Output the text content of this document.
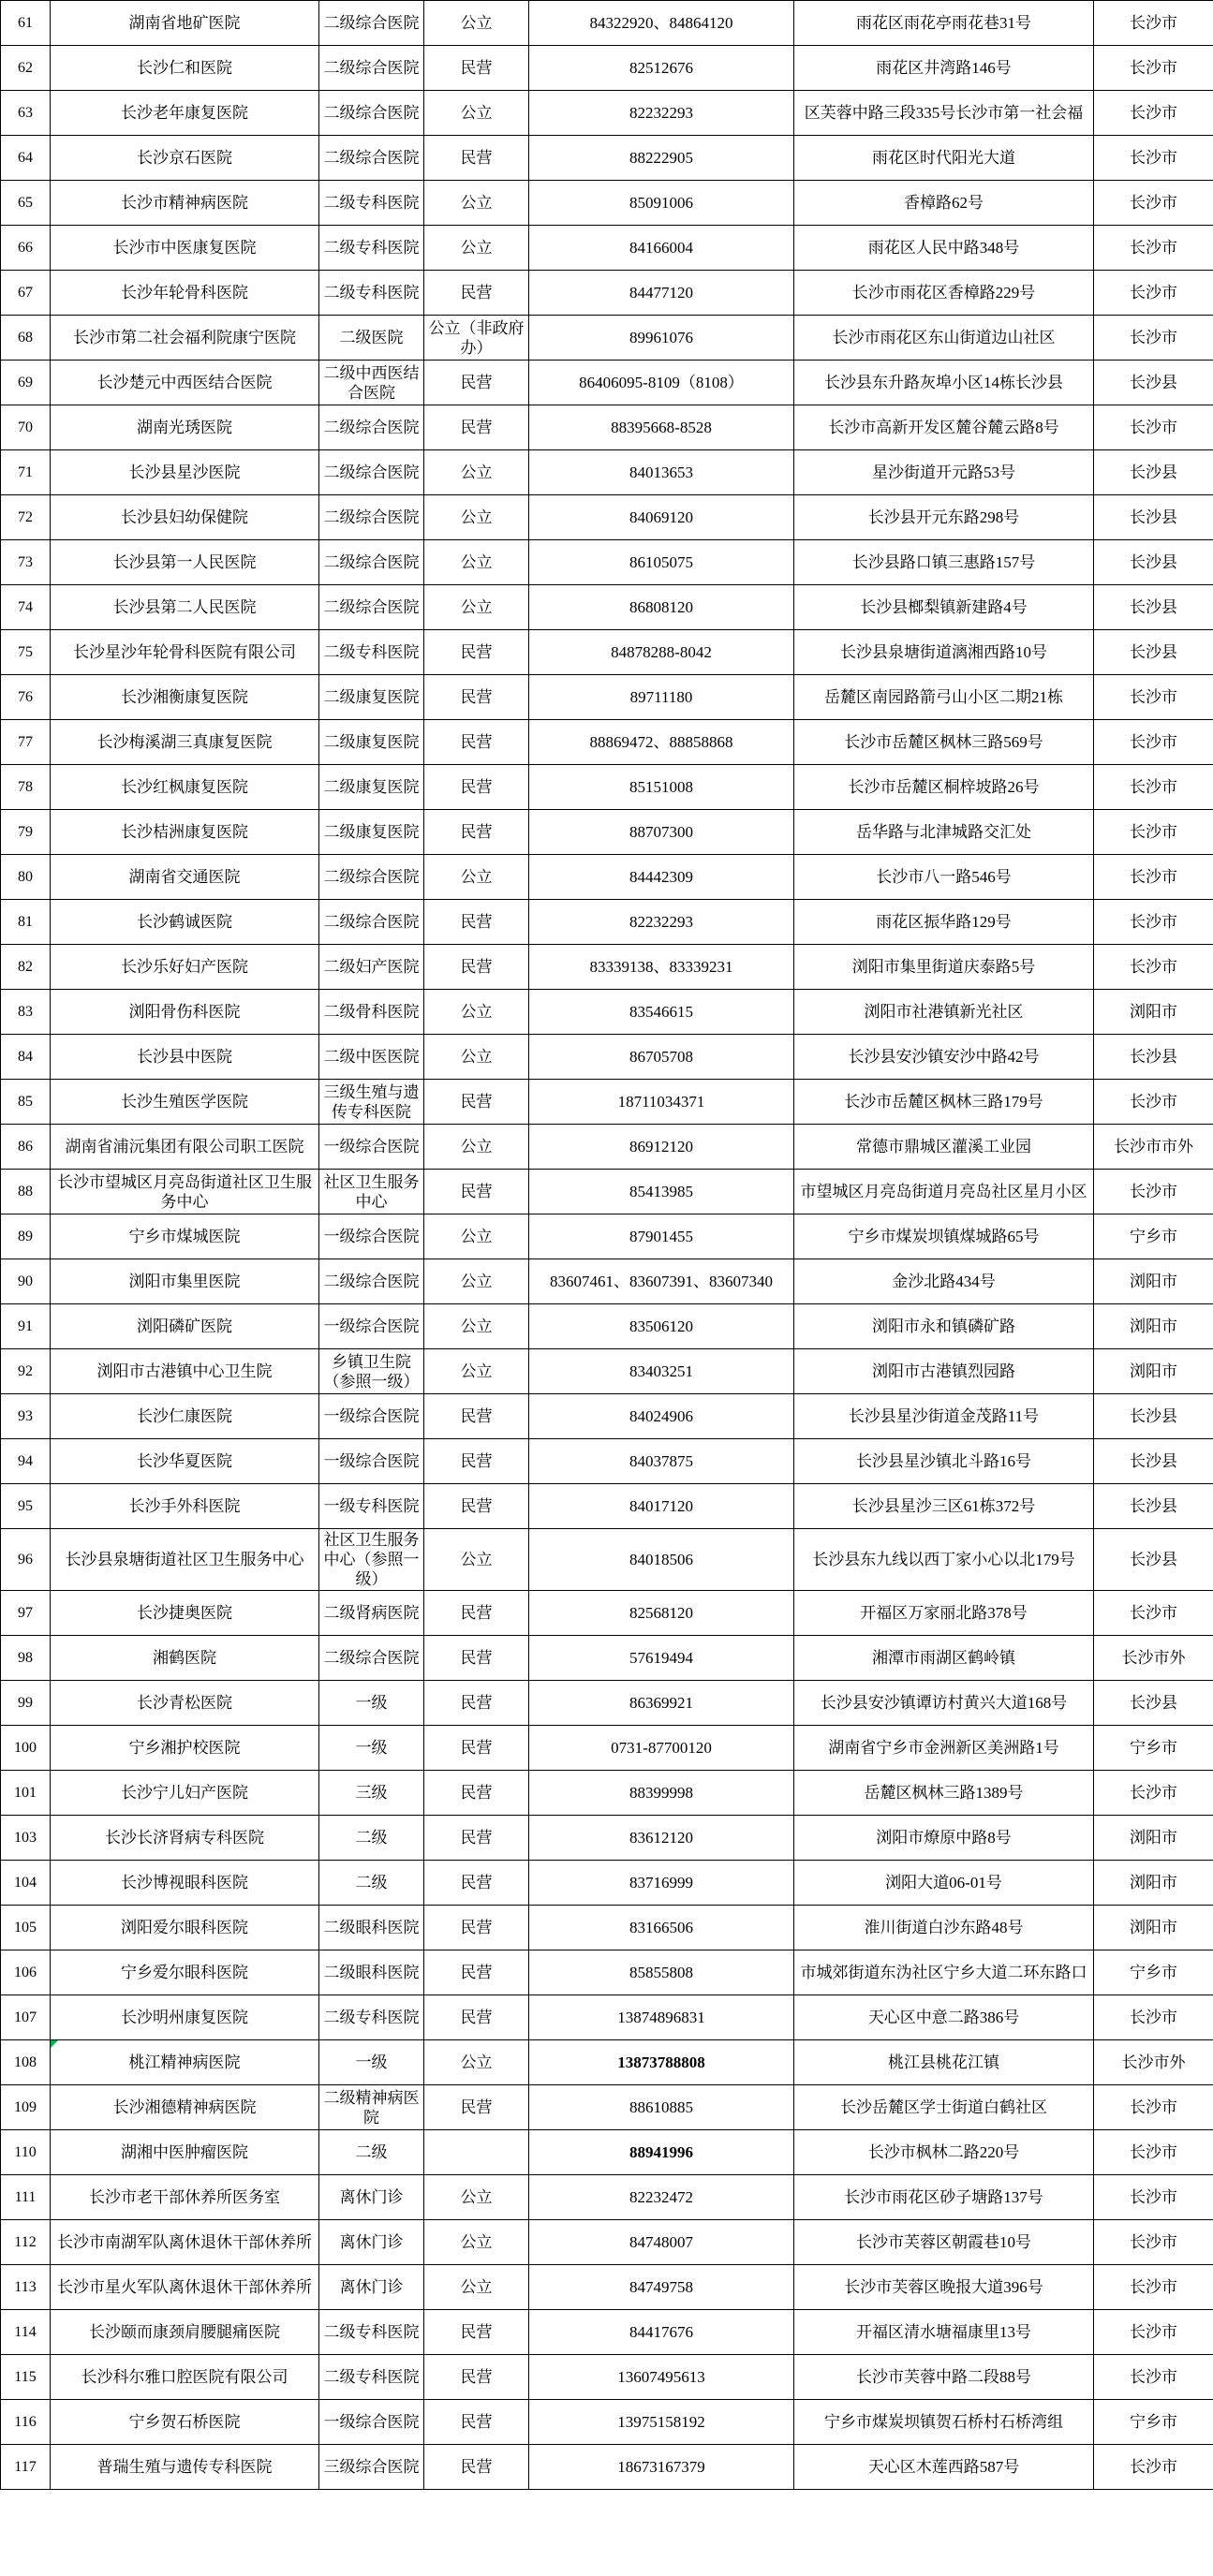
61	湖南省地矿医院	二级综合医院	公立	84322920、84864120	雨花区雨花亭雨花巷31号	长沙市
62	长沙仁和医院	二级综合医院	民营	82512676	雨花区井湾路146号	长沙市
63	长沙老年康复医院	二级综合医院	公立	82232293	区芙蓉中路三段335号长沙市第一社会福	长沙市
64	长沙京石医院	二级综合医院	民营	88222905	雨花区时代阳光大道	长沙市
65	长沙市精神病医院	二级专科医院	公立	85091006	香樟路62号	长沙市
66	长沙市中医康复医院	二级专科医院	公立	84166004	雨花区人民中路348号	长沙市
67	长沙年轮骨科医院	二级专科医院	民营	84477120	长沙市雨花区香樟路229号	长沙市
68	长沙市第二社会福利院康宁医院	二级医院	公立（非政府办）	89961076	长沙市雨花区东山街道边山社区	长沙市
69	长沙楚元中西医结合医院	二级中西医结合医院	民营	86406095-8109（8108）	长沙县东升路灰埠小区14栋长沙县	长沙县
70	湖南光琇医院	二级综合医院	民营	88395668-8528	长沙市高新开发区麓谷麓云路8号	长沙市
71	长沙县星沙医院	二级综合医院	公立	84013653	星沙街道开元路53号	长沙县
72	长沙县妇幼保健院	二级综合医院	公立	84069120	长沙县开元东路298号	长沙县
73	长沙县第一人民医院	二级综合医院	公立	86105075	长沙县路口镇三惠路157号	长沙县
74	长沙县第二人民医院	二级综合医院	公立	86808120	长沙县榔梨镇新建路4号	长沙县
75	长沙星沙年轮骨科医院有限公司	二级专科医院	民营	84878288-8042	长沙县泉塘街道漓湘西路10号	长沙县
76	长沙湘衡康复医院	二级康复医院	民营	89711180	岳麓区南园路箭弓山小区二期21栋	长沙市
77	长沙梅溪湖三真康复医院	二级康复医院	民营	88869472、88858868	长沙市岳麓区枫林三路569号	长沙市
78	长沙红枫康复医院	二级康复医院	民营	85151008	长沙市岳麓区桐梓坡路26号	长沙市
79	长沙桔洲康复医院	二级康复医院	民营	88707300	岳华路与北津城路交汇处	长沙市
80	湖南省交通医院	二级综合医院	公立	84442309	长沙市八一路546号	长沙市
81	长沙鹤诚医院	二级综合医院	民营	82232293	雨花区振华路129号	长沙市
82	长沙乐好妇产医院	二级妇产医院	民营	83339138、83339231	浏阳市集里街道庆泰路5号	长沙市
83	浏阳骨伤科医院	二级骨科医院	公立	83546615	浏阳市社港镇新光社区	浏阳市
84	长沙县中医院	二级中医医院	公立	86705708	长沙县安沙镇安沙中路42号	长沙县
85	长沙生殖医学医院	三级生殖与遗传专科医院	民营	18711034371	长沙市岳麓区枫林三路179号	长沙市
86	湖南省浦沅集团有限公司职工医院	一级综合医院	公立	86912120	常德市鼎城区灌溪工业园	长沙市市外
88	长沙市望城区月亮岛街道社区卫生服务中心	社区卫生服务中心	民营	85413985	市望城区月亮岛街道月亮岛社区星月小区	长沙市
89	宁乡市煤城医院	一级综合医院	公立	87901455	宁乡市煤炭坝镇煤城路65号	宁乡市
90	浏阳市集里医院	二级综合医院	公立	83607461、83607391、83607340	金沙北路434号	浏阳市
91	浏阳磷矿医院	一级综合医院	公立	83506120	浏阳市永和镇磷矿路	浏阳市
92	浏阳市古港镇中心卫生院	乡镇卫生院（参照一级）	公立	83403251	浏阳市古港镇烈园路	浏阳市
93	长沙仁康医院	一级综合医院	民营	84024906	长沙县星沙街道金茂路11号	长沙县
94	长沙华夏医院	一级综合医院	民营	84037875	长沙县星沙镇北斗路16号	长沙县
95	长沙手外科医院	一级专科医院	民营	84017120	长沙县星沙三区61栋372号	长沙县
96	长沙县泉塘街道社区卫生服务中心	社区卫生服务中心（参照一级）	公立	84018506	长沙县东九线以西丁家小心以北179号	长沙县
97	长沙捷奥医院	二级肾病医院	民营	82568120	开福区万家丽北路378号	长沙市
98	湘鹤医院	二级综合医院	民营	57619494	湘潭市雨湖区鹤岭镇	长沙市外
99	长沙青松医院	一级	民营	86369921	长沙县安沙镇谭访村黄兴大道168号	长沙县
100	宁乡湘护校医院	一级	民营	0731-87700120	湖南省宁乡市金洲新区美洲路1号	宁乡市
101	长沙宁儿妇产医院	三级	民营	88399998	岳麓区枫林三路1389号	长沙市
103	长沙长济肾病专科医院	二级	民营	83612120	浏阳市燎原中路8号	浏阳市
104	长沙博视眼科医院	二级	民营	83716999	浏阳大道06-01号	浏阳市
105	浏阳爱尔眼科医院	二级眼科医院	民营	83166506	淮川街道白沙东路48号	浏阳市
106	宁乡爱尔眼科医院	二级眼科医院	民营	85855808	市城郊街道东沩社区宁乡大道二环东路口	宁乡市
107	长沙明州康复医院	二级专科医院	民营	13874896831	天心区中意二路386号	长沙市
108	桃江精神病医院	一级	公立	13873788808	桃江县桃花江镇	长沙市外
109	长沙湘德精神病医院	二级精神病医院	民营	88610885	长沙岳麓区学士街道白鹤社区	长沙市
110	湖湘中医肿瘤医院	二级		88941996	长沙市枫林二路220号	长沙市
111	长沙市老干部休养所医务室	离休门诊	公立	82232472	长沙市雨花区砂子塘路137号	长沙市
112	长沙市南湖军队离休退休干部休养所	离休门诊	公立	84748007	长沙市芙蓉区朝霞巷10号	长沙市
113	长沙市星火军队离休退休干部休养所	离休门诊	公立	84749758	长沙市芙蓉区晚报大道396号	长沙市
114	长沙颐而康颈肩腰腿痛医院	二级专科医院	民营	84417676	开福区清水塘福康里13号	长沙市
115	长沙科尔雅口腔医院有限公司	二级专科医院	民营	13607495613	长沙市芙蓉中路二段88号	长沙市
116	宁乡贺石桥医院	一级综合医院	民营	13975158192	宁乡市煤炭坝镇贺石桥村石桥湾组	宁乡市
117	普瑞生殖与遗传专科医院	三级综合医院	民营	18673167379	天心区木莲西路587号	长沙市
